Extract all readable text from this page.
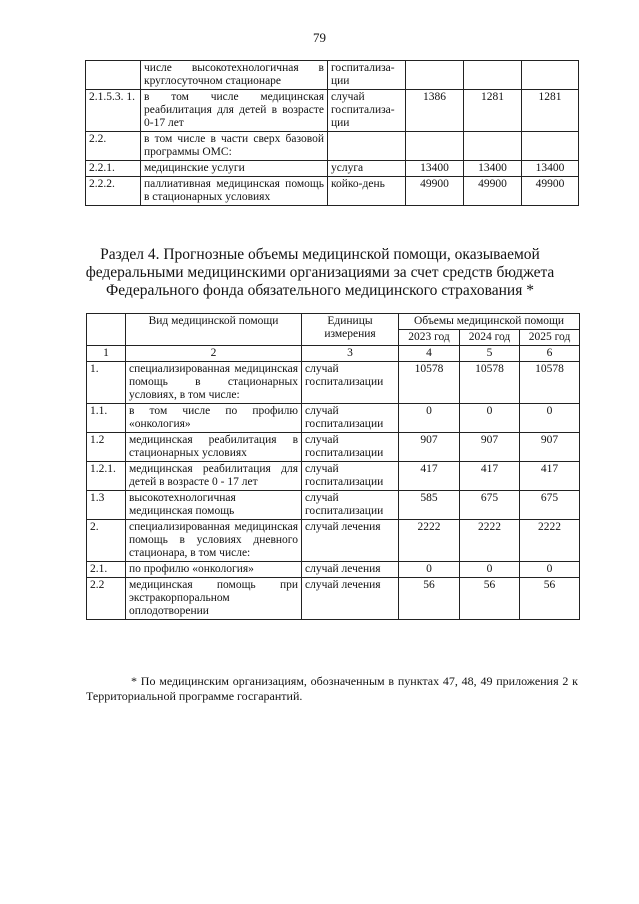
79
	числе высокотехнологичная в круглосуточном стационаре	госпитализа-ции			
2.1.5.3. 1.	в том числе медицинская реабилитация для детей в возрасте 0-17 лет	случай госпитализа-ции	1386	1281	1281
2.2.	в том числе в части сверх базовой программы ОМС:				
2.2.1.	медицинские услуги	услуга	13400	13400	13400
2.2.2.	паллиативная медицинская помощь в стационарных условиях	койко-день	49900	49900	49900
Раздел 4. Прогнозные объемы медицинской помощи, оказываемой федеральными медицинскими организациями за счет средств бюджета Федерального фонда обязательного медицинского страхования *
	Вид медицинской помощи	Единицы измерения	Объемы медицинской помощи		
			2023 год	2024 год	2025 год
1	2	3	4	5	6
1.	специализированная медицинская помощь в стационарных условиях, в том числе:	случай госпитализации	10578	10578	10578
1.1.	в том числе по профилю «онкология»	случай госпитализации	0	0	0
1.2	медицинская реабилитация в стационарных условиях	случай госпитализации	907	907	907
1.2.1.	медицинская реабилитация для детей в возрасте 0 - 17 лет	случай госпитализации	417	417	417
1.3	высокотехнологичная медицинская помощь	случай госпитализации	585	675	675
2.	специализированная медицинская помощь в условиях дневного стационара, в том числе:	случай лечения	2222	2222	2222
2.1.	по профилю «онкология»	случай лечения	0	0	0
2.2	медицинская помощь при экстракорпоральном оплодотворении	случай лечения	56	56	56
* По медицинским организациям, обозначенным в пунктах 47, 48, 49 приложения 2 к Территориальной программе госгарантий.
